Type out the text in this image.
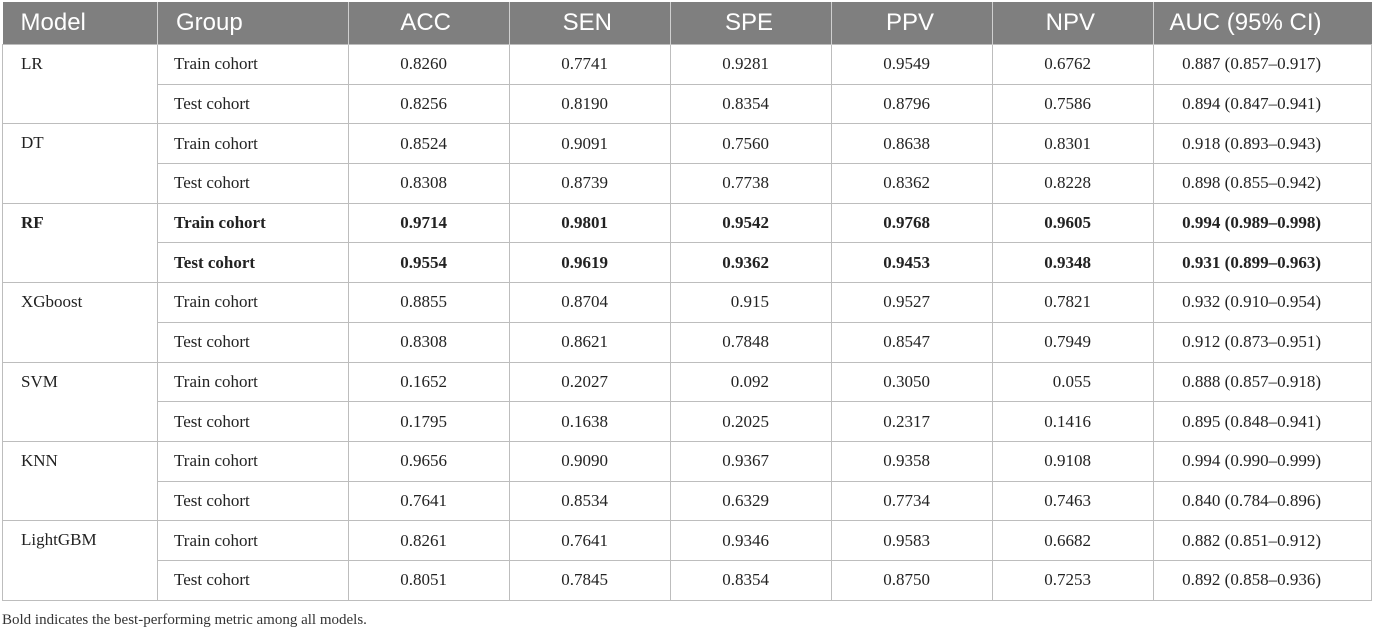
Model	Group	ACC	SEN	SPE	PPV	NPV	AUC (95% CI)
LR	Train cohort	0.8260	0.7741	0.9281	0.9549	0.6762	0.887 (0.857–0.917)
	Test cohort	0.8256	0.8190	0.8354	0.8796	0.7586	0.894 (0.847–0.941)
DT	Train cohort	0.8524	0.9091	0.7560	0.8638	0.8301	0.918 (0.893–0.943)
	Test cohort	0.8308	0.8739	0.7738	0.8362	0.8228	0.898 (0.855–0.942)
RF	Train cohort	0.9714	0.9801	0.9542	0.9768	0.9605	0.994 (0.989–0.998)
	Test cohort	0.9554	0.9619	0.9362	0.9453	0.9348	0.931 (0.899–0.963)
XGboost	Train cohort	0.8855	0.8704	0.915	0.9527	0.7821	0.932 (0.910–0.954)
	Test cohort	0.8308	0.8621	0.7848	0.8547	0.7949	0.912 (0.873–0.951)
SVM	Train cohort	0.1652	0.2027	0.092	0.3050	0.055	0.888 (0.857–0.918)
	Test cohort	0.1795	0.1638	0.2025	0.2317	0.1416	0.895 (0.848–0.941)
KNN	Train cohort	0.9656	0.9090	0.9367	0.9358	0.9108	0.994 (0.990–0.999)
	Test cohort	0.7641	0.8534	0.6329	0.7734	0.7463	0.840 (0.784–0.896)
LightGBM	Train cohort	0.8261	0.7641	0.9346	0.9583	0.6682	0.882 (0.851–0.912)
	Test cohort	0.8051	0.7845	0.8354	0.8750	0.7253	0.892 (0.858–0.936)
Bold indicates the best-performing metric among all models.
